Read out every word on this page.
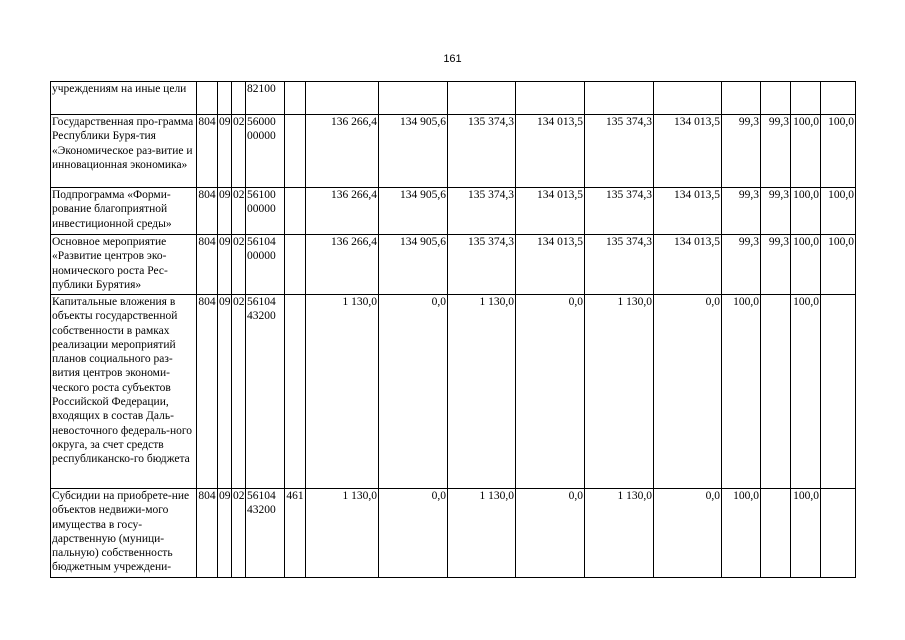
161
учреждениям на иные цели				82100											
Государственная про-грамма Республики Буря-тия «Экономическое раз-витие и инновационная экономика»	804	09	02	56000 00000		136 266,4	134 905,6	135 374,3	134 013,5	135 374,3	134 013,5	99,3	99,3	100,0	100,0
Подпрограмма «Форми-рование благоприятной инвестиционной среды»	804	09	02	56100 00000		136 266,4	134 905,6	135 374,3	134 013,5	135 374,3	134 013,5	99,3	99,3	100,0	100,0
Основное мероприятие «Развитие центров эко-номического роста Рес-публики Бурятия»	804	09	02	56104 00000		136 266,4	134 905,6	135 374,3	134 013,5	135 374,3	134 013,5	99,3	99,3	100,0	100,0
Капитальные вложения в объекты государственной собственности в рамках реализации мероприятий планов социального раз-вития центров экономи-ческого роста субъектов Российской Федерации, входящих в состав Даль-невосточного федераль-ного округа, за счет средств республиканско-го бюджета	804	09	02	56104 43200		1 130,0	0,0	1 130,0	0,0	1 130,0	0,0	100,0		100,0	
Субсидии на приобрете-ние объектов недвижи-мого имущества в госу-дарственную (муници-пальную) собственность бюджетным учреждени-	804	09	02	56104 43200	461	1 130,0	0,0	1 130,0	0,0	1 130,0	0,0	100,0		100,0	
